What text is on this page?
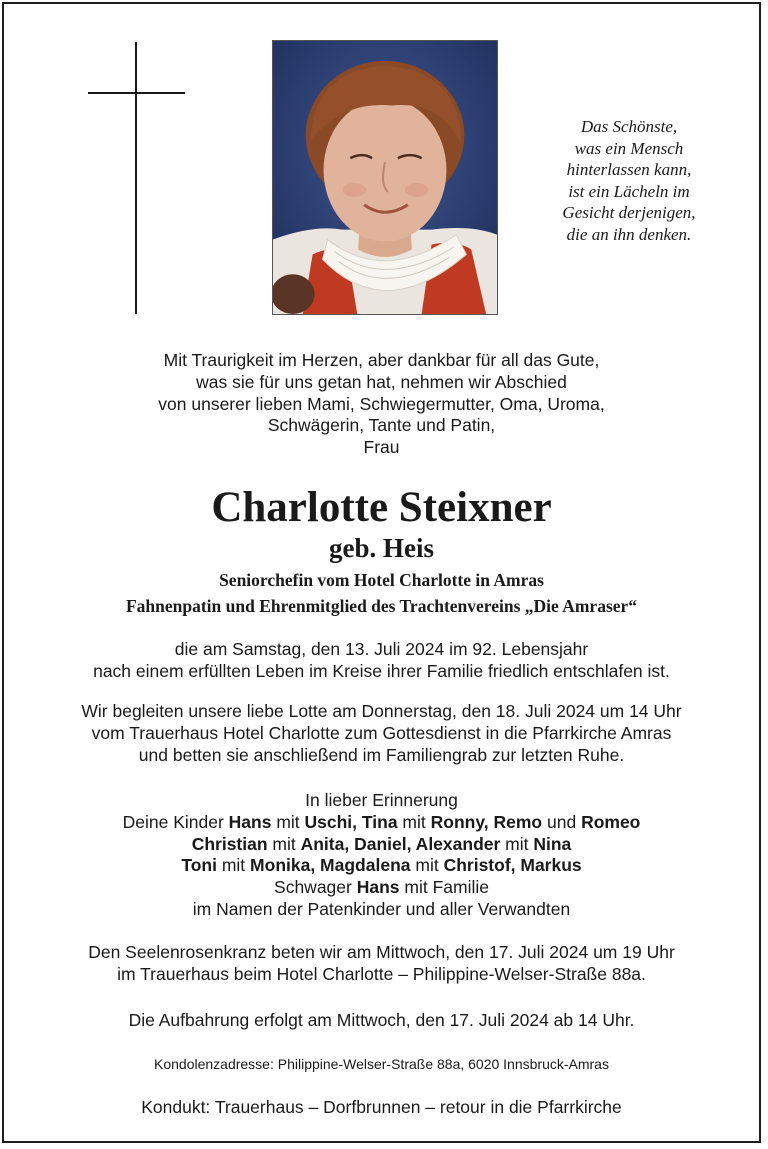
Das Schönste,
was ein Mensch
hinterlassen kann,
ist ein Lächeln im
Gesicht derjenigen,
die an ihn denken.
Mit Traurigkeit im Herzen, aber dankbar für all das Gute,
was sie für uns getan hat, nehmen wir Abschied
von unserer lieben Mami, Schwiegermutter, Oma, Uroma,
Schwägerin, Tante und Patin,
Frau
Charlotte Steixner
geb. Heis
Seniorchefin vom Hotel Charlotte in Amras
Fahnenpatin und Ehrenmitglied des Trachtenvereins „Die Amraser“
die am Samstag, den 13. Juli 2024 im 92. Lebensjahr
nach einem erfüllten Leben im Kreise ihrer Familie friedlich entschlafen ist.
Wir begleiten unsere liebe Lotte am Donnerstag, den 18. Juli 2024 um 14 Uhr
vom Trauerhaus Hotel Charlotte zum Gottesdienst in die Pfarrkirche Amras
und betten sie anschließend im Familiengrab zur letzten Ruhe.
In lieber Erinnerung
Deine Kinder Hans mit Uschi, Tina mit Ronny, Remo und Romeo
Christian mit Anita, Daniel, Alexander mit Nina
Toni mit Monika, Magdalena mit Christof, Markus
Schwager Hans mit Familie
im Namen der Patenkinder und aller Verwandten
Den Seelenrosenkranz beten wir am Mittwoch, den 17. Juli 2024 um 19 Uhr
im Trauerhaus beim Hotel Charlotte – Philippine-Welser-Straße 88a.
Die Aufbahrung erfolgt am Mittwoch, den 17. Juli 2024 ab 14 Uhr.
Kondolenzadresse: Philippine-Welser-Straße 88a, 6020 Innsbruck-Amras
Kondukt: Trauerhaus – Dorfbrunnen – retour in die Pfarrkirche
